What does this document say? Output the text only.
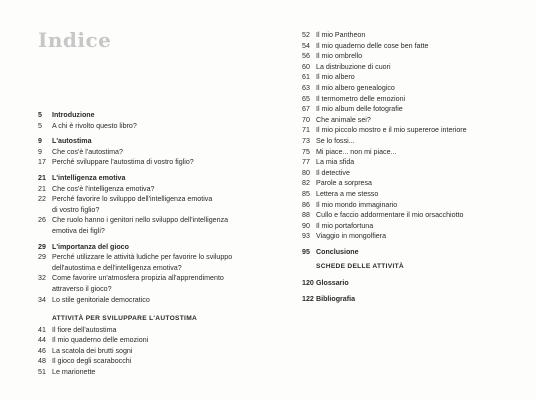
Indice
5	Introduzione
5	A chi è rivolto questo libro?
9	L'autostima
9	Che cos'è l'autostima?
17 Perché sviluppare l'autostima di vostro figlio?
21 L'intelligenza emotiva
21 Che cos'è l'intelligenza emotiva?
22 Perché favorire lo sviluppo dell'intelligenza emotiva
di vostro figlio?
26 Che ruolo hanno i genitori nello sviluppo dell'intelligenza
emotiva dei figli?
29 L'importanza del gioco
29 Perché utilizzare le attività ludiche per favorire lo sviluppo
dell'autostima e dell'intelligenza emotiva?
32 Come favorire un'atmosfera propizia all'apprendimento
attraverso il gioco?
34 Lo stile genitoriale democratico
ATTIVITÀ PER SVILUPPARE L'AUTOSTIMA
41 Il fiore dell'autostima
44 Il mio quaderno delle emozioni
46 La scatola dei brutti sogni
48 Il gioco degli scarabocchi
51 Le marionette
52 Il mio Pantheon
54 Il mio quaderno delle cose ben fatte
56 Il mio ombrello
60 La distribuzione di cuori
61 Il mio albero
63 Il mio albero genealogico
65 Il termometro delle emozioni
67 Il mio album delle fotografie
70 Che animale sei?
71 Il mio piccolo mostro e il mio supereroe interiore
73 Se lo fossi...
75 Mi piace... non mi piace...
77 La mia sfida
80 Il detective
82 Parole a sorpresa
85 Lettera a me stesso
86 Il mio mondo immaginario
88 Cullo e faccio addormentare il mio orsacchiotto
90 Il mio portafortuna
93 Viaggio in mongolfiera
95 Conclusione
SCHEDE DELLE ATTIVITÀ
120 Glossario
122 Bibliografia
